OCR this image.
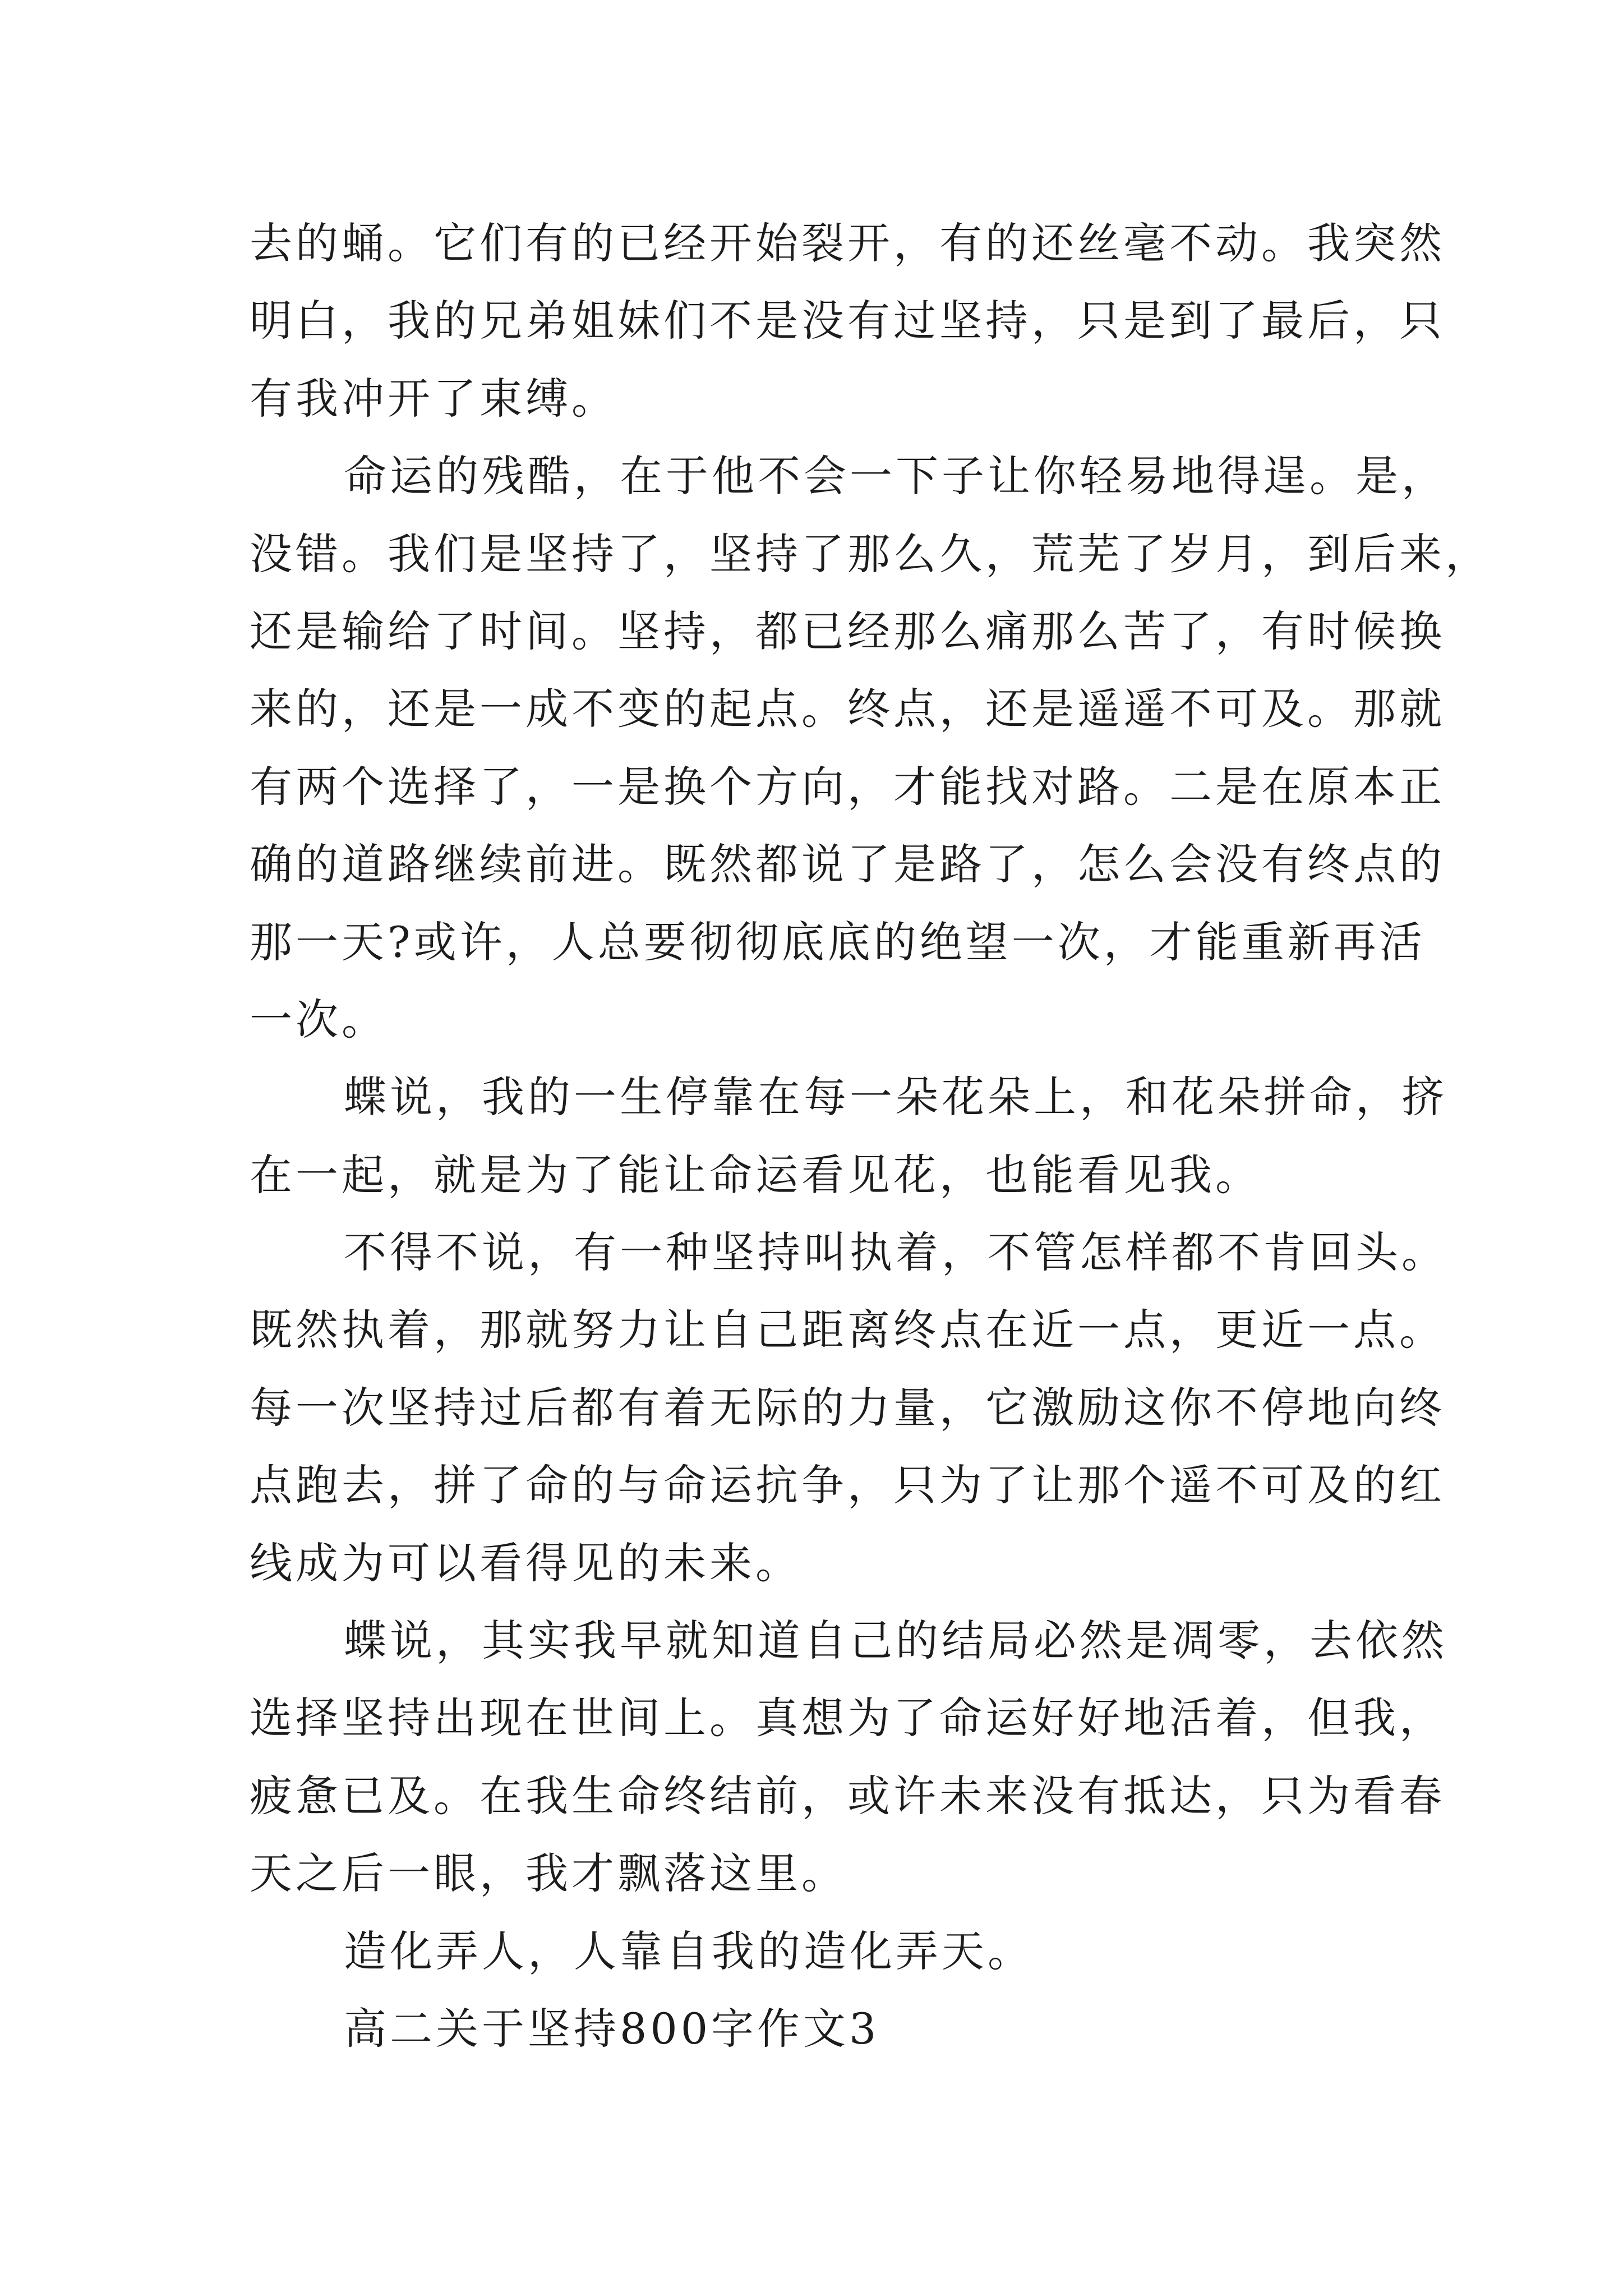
去的蛹。它们有的已经开始裂开，有的还丝毫不动。我突然
明白，我的兄弟姐妹们不是没有过坚持，只是到了最后，只
有我冲开了束缚。
命运的残酷，在于他不会一下子让你轻易地得逞。是，
没错。我们是坚持了，坚持了那么久，荒芜了岁月，到后来，
还是输给了时间。坚持，都已经那么痛那么苦了，有时候换
来的，还是一成不变的起点。终点，还是遥遥不可及。那就
有两个选择了，一是换个方向，才能找对路。二是在原本正
确的道路继续前进。既然都说了是路了，怎么会没有终点的
那一天?或许，人总要彻彻底底的绝望一次，才能重新再活
一次。
蝶说，我的一生停靠在每一朵花朵上，和花朵拼命，挤
在一起，就是为了能让命运看见花，也能看见我。
不得不说，有一种坚持叫执着，不管怎样都不肯回头。
既然执着，那就努力让自己距离终点在近一点，更近一点。
每一次坚持过后都有着无际的力量，它激励这你不停地向终
点跑去，拼了命的与命运抗争，只为了让那个遥不可及的红
线成为可以看得见的未来。
蝶说，其实我早就知道自己的结局必然是凋零，去依然
选择坚持出现在世间上。真想为了命运好好地活着，但我，
疲惫已及。在我生命终结前，或许未来没有抵达，只为看春
天之后一眼，我才飘落这里。
造化弄人，人靠自我的造化弄天。
高二关于坚持800字作文3
